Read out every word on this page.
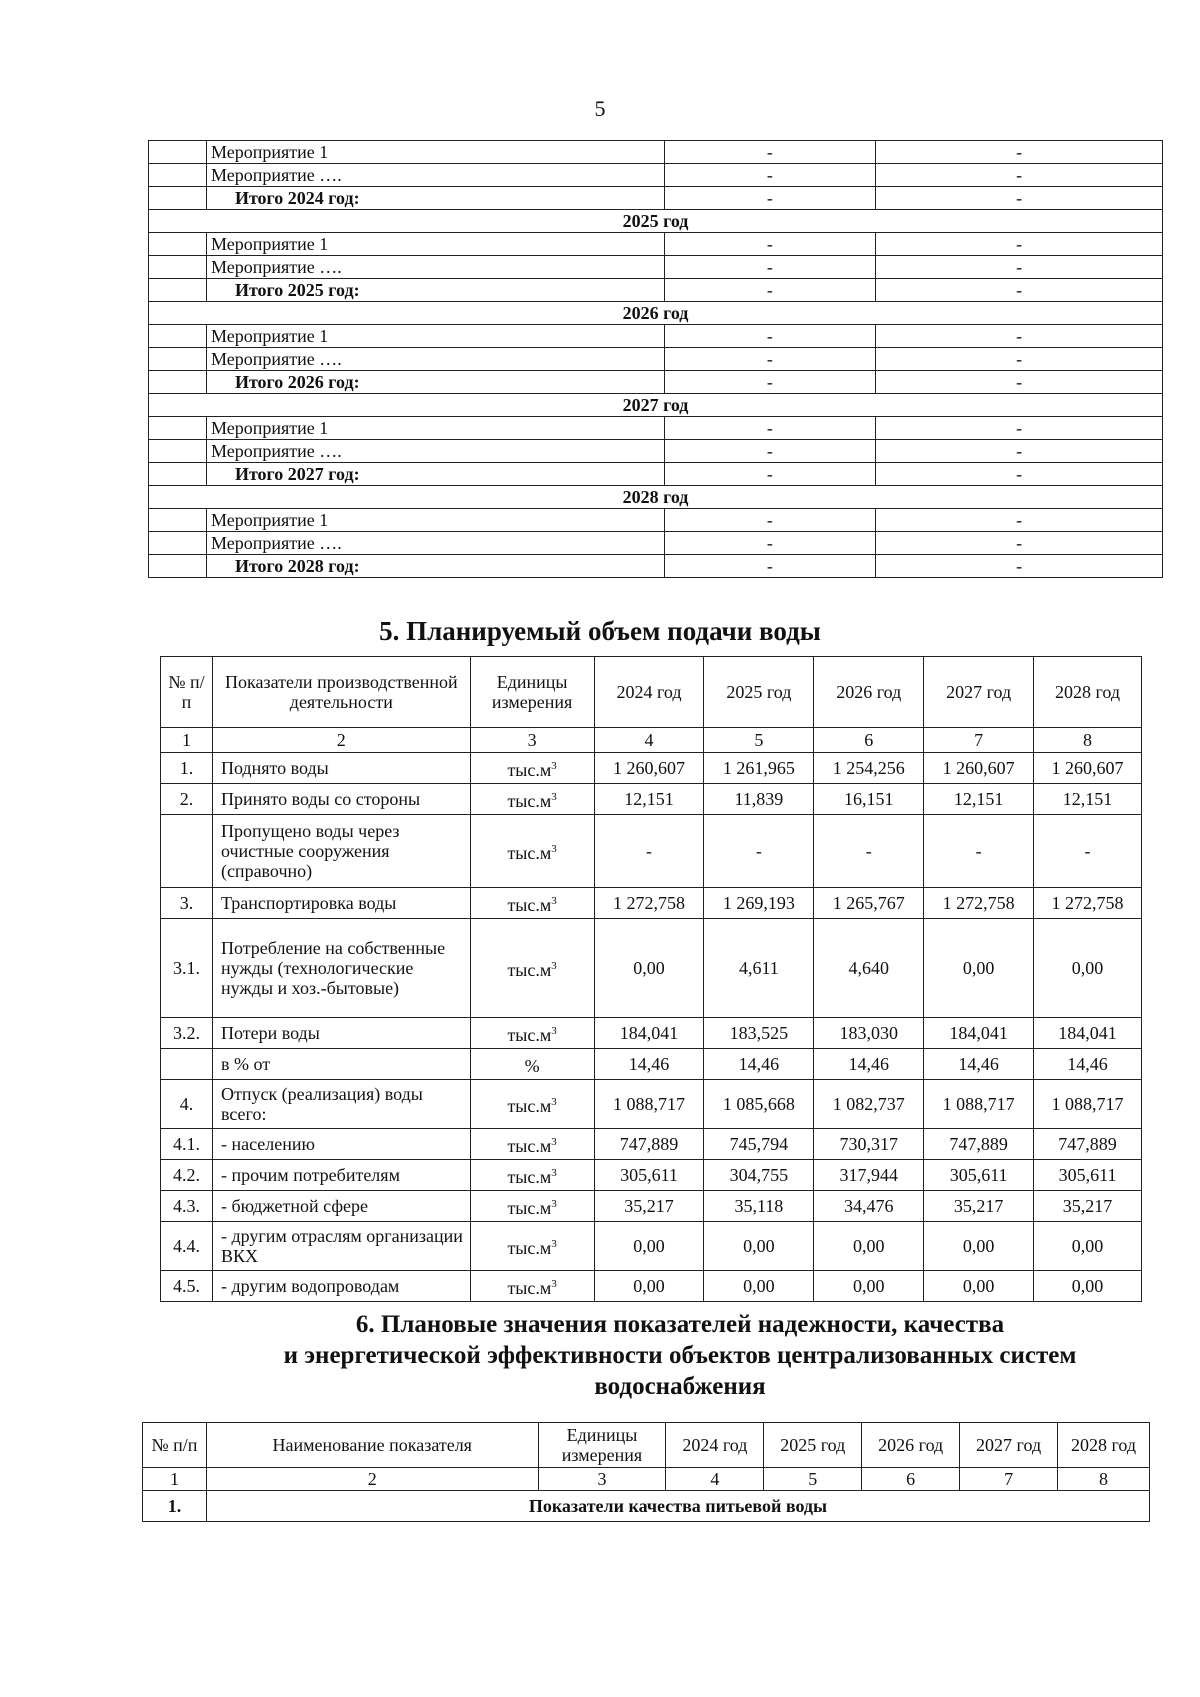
5
	Мероприятие 1	-	-
	Мероприятие ….	-	-
	Итого 2024 год:	-	-
2025 год			
	Мероприятие 1	-	-
	Мероприятие ….	-	-
	Итого 2025 год:	-	-
2026 год			
	Мероприятие 1	-	-
	Мероприятие ….	-	-
	Итого 2026 год:	-	-
2027 год			
	Мероприятие 1	-	-
	Мероприятие ….	-	-
	Итого 2027 год:	-	-
2028 год			
	Мероприятие 1	-	-
	Мероприятие ….	-	-
	Итого 2028 год:	-	-
5. Планируемый объем подачи воды
№ п/п	Показатели производственной деятельности	Единицы измерения	2024 год	2025 год	2026 год	2027 год	2028 год
1	2	3	4	5	6	7	8
1.	Поднято воды	$тыс.м^3$	1 260,607	1 261,965	1 254,256	1 260,607	1 260,607
2.	Принято воды со стороны	$тыс.м^3$	12,151	11,839	16,151	12,151	12,151
	Пропущено воды через очистные сооружения (справочно)	$тыс.м^3$	-	-	-	-	-
3.	Транспортировка воды	$тыс.м^3$	1 272,758	1 269,193	1 265,767	1 272,758	1 272,758
3.1.	Потребление на собственные нужды (технологические нужды и хоз.-бытовые)	$тыс.м^3$	0,00	4,611	4,640	0,00	0,00
3.2.	Потери воды	$тыс.м^3$	184,041	183,525	183,030	184,041	184,041
	в % от	%	14,46	14,46	14,46	14,46	14,46
4.	Отпуск (реализация) воды всего:	$тыс.м^3$	1 088,717	1 085,668	1 082,737	1 088,717	1 088,717
4.1.	- населению	$тыс.м^3$	747,889	745,794	730,317	747,889	747,889
4.2.	- прочим потребителям	$тыс.м^3$	305,611	304,755	317,944	305,611	305,611
4.3.	- бюджетной сфере	$тыс.м^3$	35,217	35,118	34,476	35,217	35,217
4.4.	- другим отраслям организации ВКХ	$тыс.м^3$	0,00	0,00	0,00	0,00	0,00
4.5.	- другим водопроводам	$тыс.м^3$	0,00	0,00	0,00	0,00	0,00
6. Плановые значения показателей надежности, качества
и энергетической эффективности объектов централизованных систем
водоснабжения
№ п/п	Наименование показателя	Единицы измерения	2024 год	2025 год	2026 год	2027 год	2028 год
1	2	3	4	5	6	7	8
1.	Показатели качества питьевой воды						
